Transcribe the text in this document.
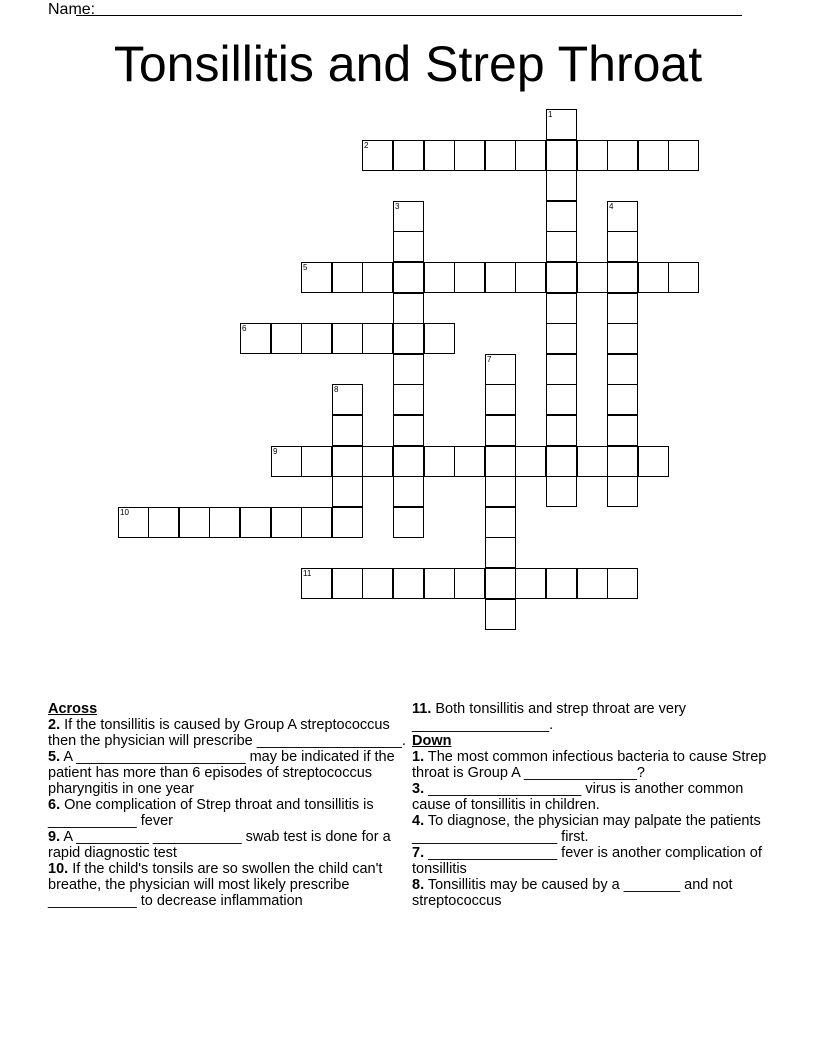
Name:
Tonsillitis and Strep Throat
1
2
3	4
5
6
7
8
9
10
11
Across
2. If the tonsillitis is caused by Group A streptococcus then the physician will prescribe __________________.
5. A _____________________ may be indicated if the patient has more than 6 episodes of streptococcus pharyngitis in one year
6. One complication of Strep throat and tonsillitis is ___________ fever
9. A _________ ___________ swab test is done for a rapid diagnostic test
10. If the child's tonsils are so swollen the child can't breathe, the physician will most likely prescribe ___________ to decrease inflammation
11. Both tonsillitis and strep throat are very _________________.
Down
1. The most common infectious bacteria to cause Strep throat is Group A ______________?
3. ___________________ virus is another common cause of tonsillitis in children.
4. To diagnose, the physician may palpate the patients __________________ first.
7. ________________ fever is another complication of tonsillitis
8. Tonsillitis may be caused by a _______ and not streptococcus
